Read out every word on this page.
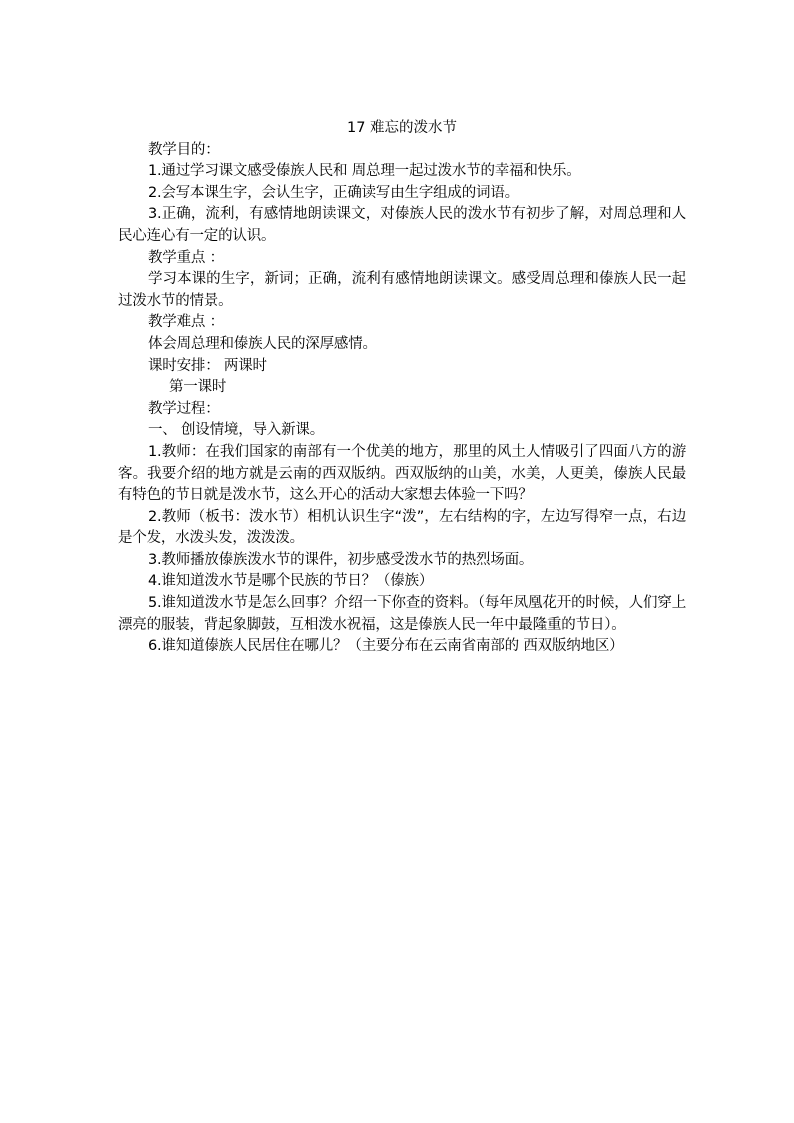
17 难忘的泼水节
教学目的：
1.通过学习课文感受傣族人民和 周总理一起过泼水节的幸福和快乐。
2.会写本课生字，会认生字，正确读写由生字组成的词语。
3.正确，流利，有感情地朗读课文，对傣族人民的泼水节有初步了解，对周总理和人民心连心有一定的认识。
教学重点 ：
学习本课的生字，新词；正确，流利有感情地朗读课文。感受周总理和傣族人民一起过泼水节的情景。
教学难点 ：
体会周总理和傣族人民的深厚感情。
课时安排： 两课时
第一课时
教学过程：
一、 创设情境，导入新课。
1.教师：在我们国家的南部有一个优美的地方，那里的风土人情吸引了四面八方的游客。我要介绍的地方就是云南的西双版纳。西双版纳的山美，水美，人更美，傣族人民最有特色的节日就是泼水节，这么开心的活动大家想去体验一下吗？
2.教师（板书：泼水节）相机认识生字“泼”，左右结构的字，左边写得窄一点，右边是个发，水泼头发，泼泼泼。
3.教师播放傣族泼水节的课件，初步感受泼水节的热烈场面。
4.谁知道泼水节是哪个民族的节日？（傣族）
5.谁知道泼水节是怎么回事？介绍一下你查的资料。（每年凤凰花开的时候，人们穿上漂亮的服装，背起象脚鼓，互相泼水祝福，这是傣族人民一年中最隆重的节日）。
6.谁知道傣族人民居住在哪儿？（主要分布在云南省南部的 西双版纳地区）
